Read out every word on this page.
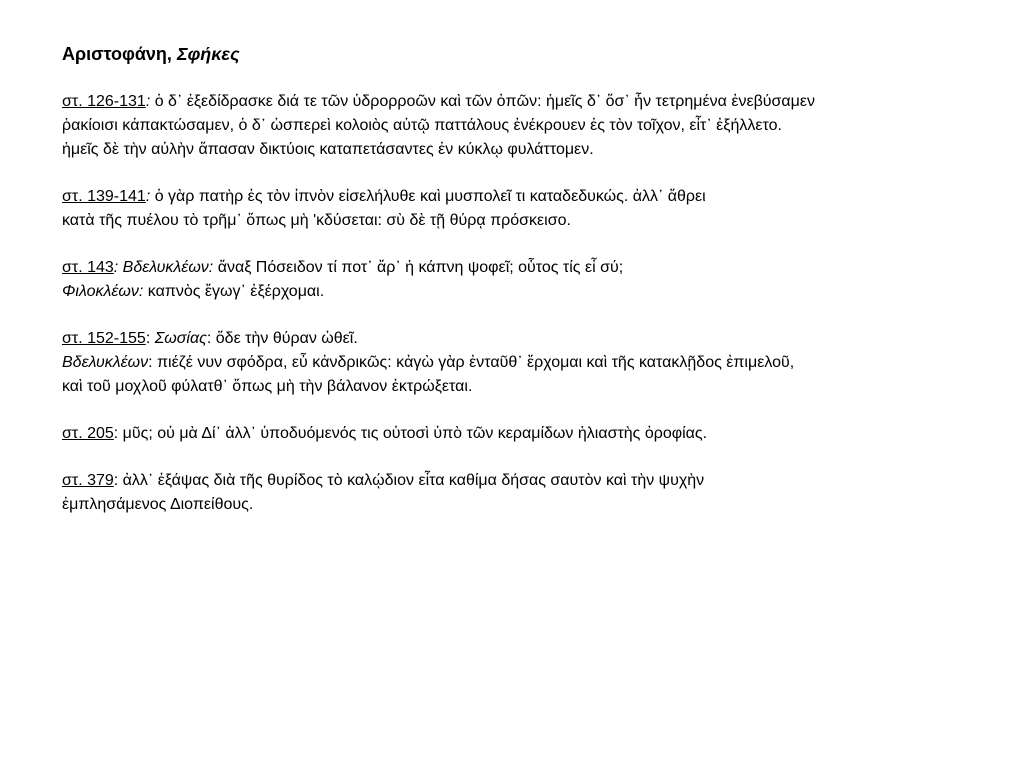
Αριστοφάνη, Σφήκες
στ. 126-131: ὁ δ᾽ ἐξεδίδρασκε διά τε τῶν ὑδρορροῶν καὶ τῶν ὀπῶν: ἡμεῖς δ᾽ ὅσ᾽ ἦν τετρημένα ἐνεβύσαμεν
ῥακίοισι κἀπακτώσαμεν, ὁ δ᾽ ὡσπερεὶ κολοιὸς αὑτῷ παττάλους ἐνέκρουεν ἐς τὸν τοῖχον, εἶτ᾽ ἐξήλλετο.
ἡμεῖς δὲ τὴν αὐλὴν ἅπασαν δικτύοις καταπετάσαντες ἐν κύκλῳ φυλάττομεν.
στ. 139-141: ὁ γὰρ πατὴρ ἐς τὸν ἰπνὸν εἰσελήλυθε καὶ μυσπολεῖ τι καταδεδυκώς. ἀλλ᾽ ἄθρει
κατὰ τῆς πυέλου τὸ τρῆμ᾽ ὅπως μὴ 'κδύσεται: σὺ δὲ τῇ θύρᾳ πρόσκεισο.
στ. 143: Βδελυκλέων: ἄναξ Πόσειδον τί ποτ᾽ ἄρ᾽ ἡ κάπνη ψοφεῖ; οὗτος τίς εἶ σύ;
Φιλοκλέων: καπνὸς ἔγωγ᾽ ἐξέρχομαι.
στ. 152-155: Σωσίας: ὅδε τὴν θύραν ὠθεῖ.
Βδελυκλέων: πιέζέ νυν σφόδρα, εὖ κἀνδρικῶς: κἀγὼ γὰρ ἐνταῦθ᾽ ἔρχομαι καὶ τῆς κατακλῇδος ἐπιμελοῦ,
καὶ τοῦ μοχλοῦ φύλατθ᾽ ὅπως μὴ τὴν βάλανον ἐκτρώξεται.
στ. 205: μῦς; οὐ μὰ Δί᾽ ἀλλ᾽ ὑποδυόμενός τις οὑτοσὶ ὑπὸ τῶν κεραμίδων ἡλιαστὴς ὀροφίας.
στ. 379: ἀλλ᾽ ἐξάψας διὰ τῆς θυρίδος τὸ καλῴδιον εἶτα καθίμα δήσας σαυτὸν καὶ τὴν ψυχὴν
ἐμπλησάμενος Διοπείθους.
